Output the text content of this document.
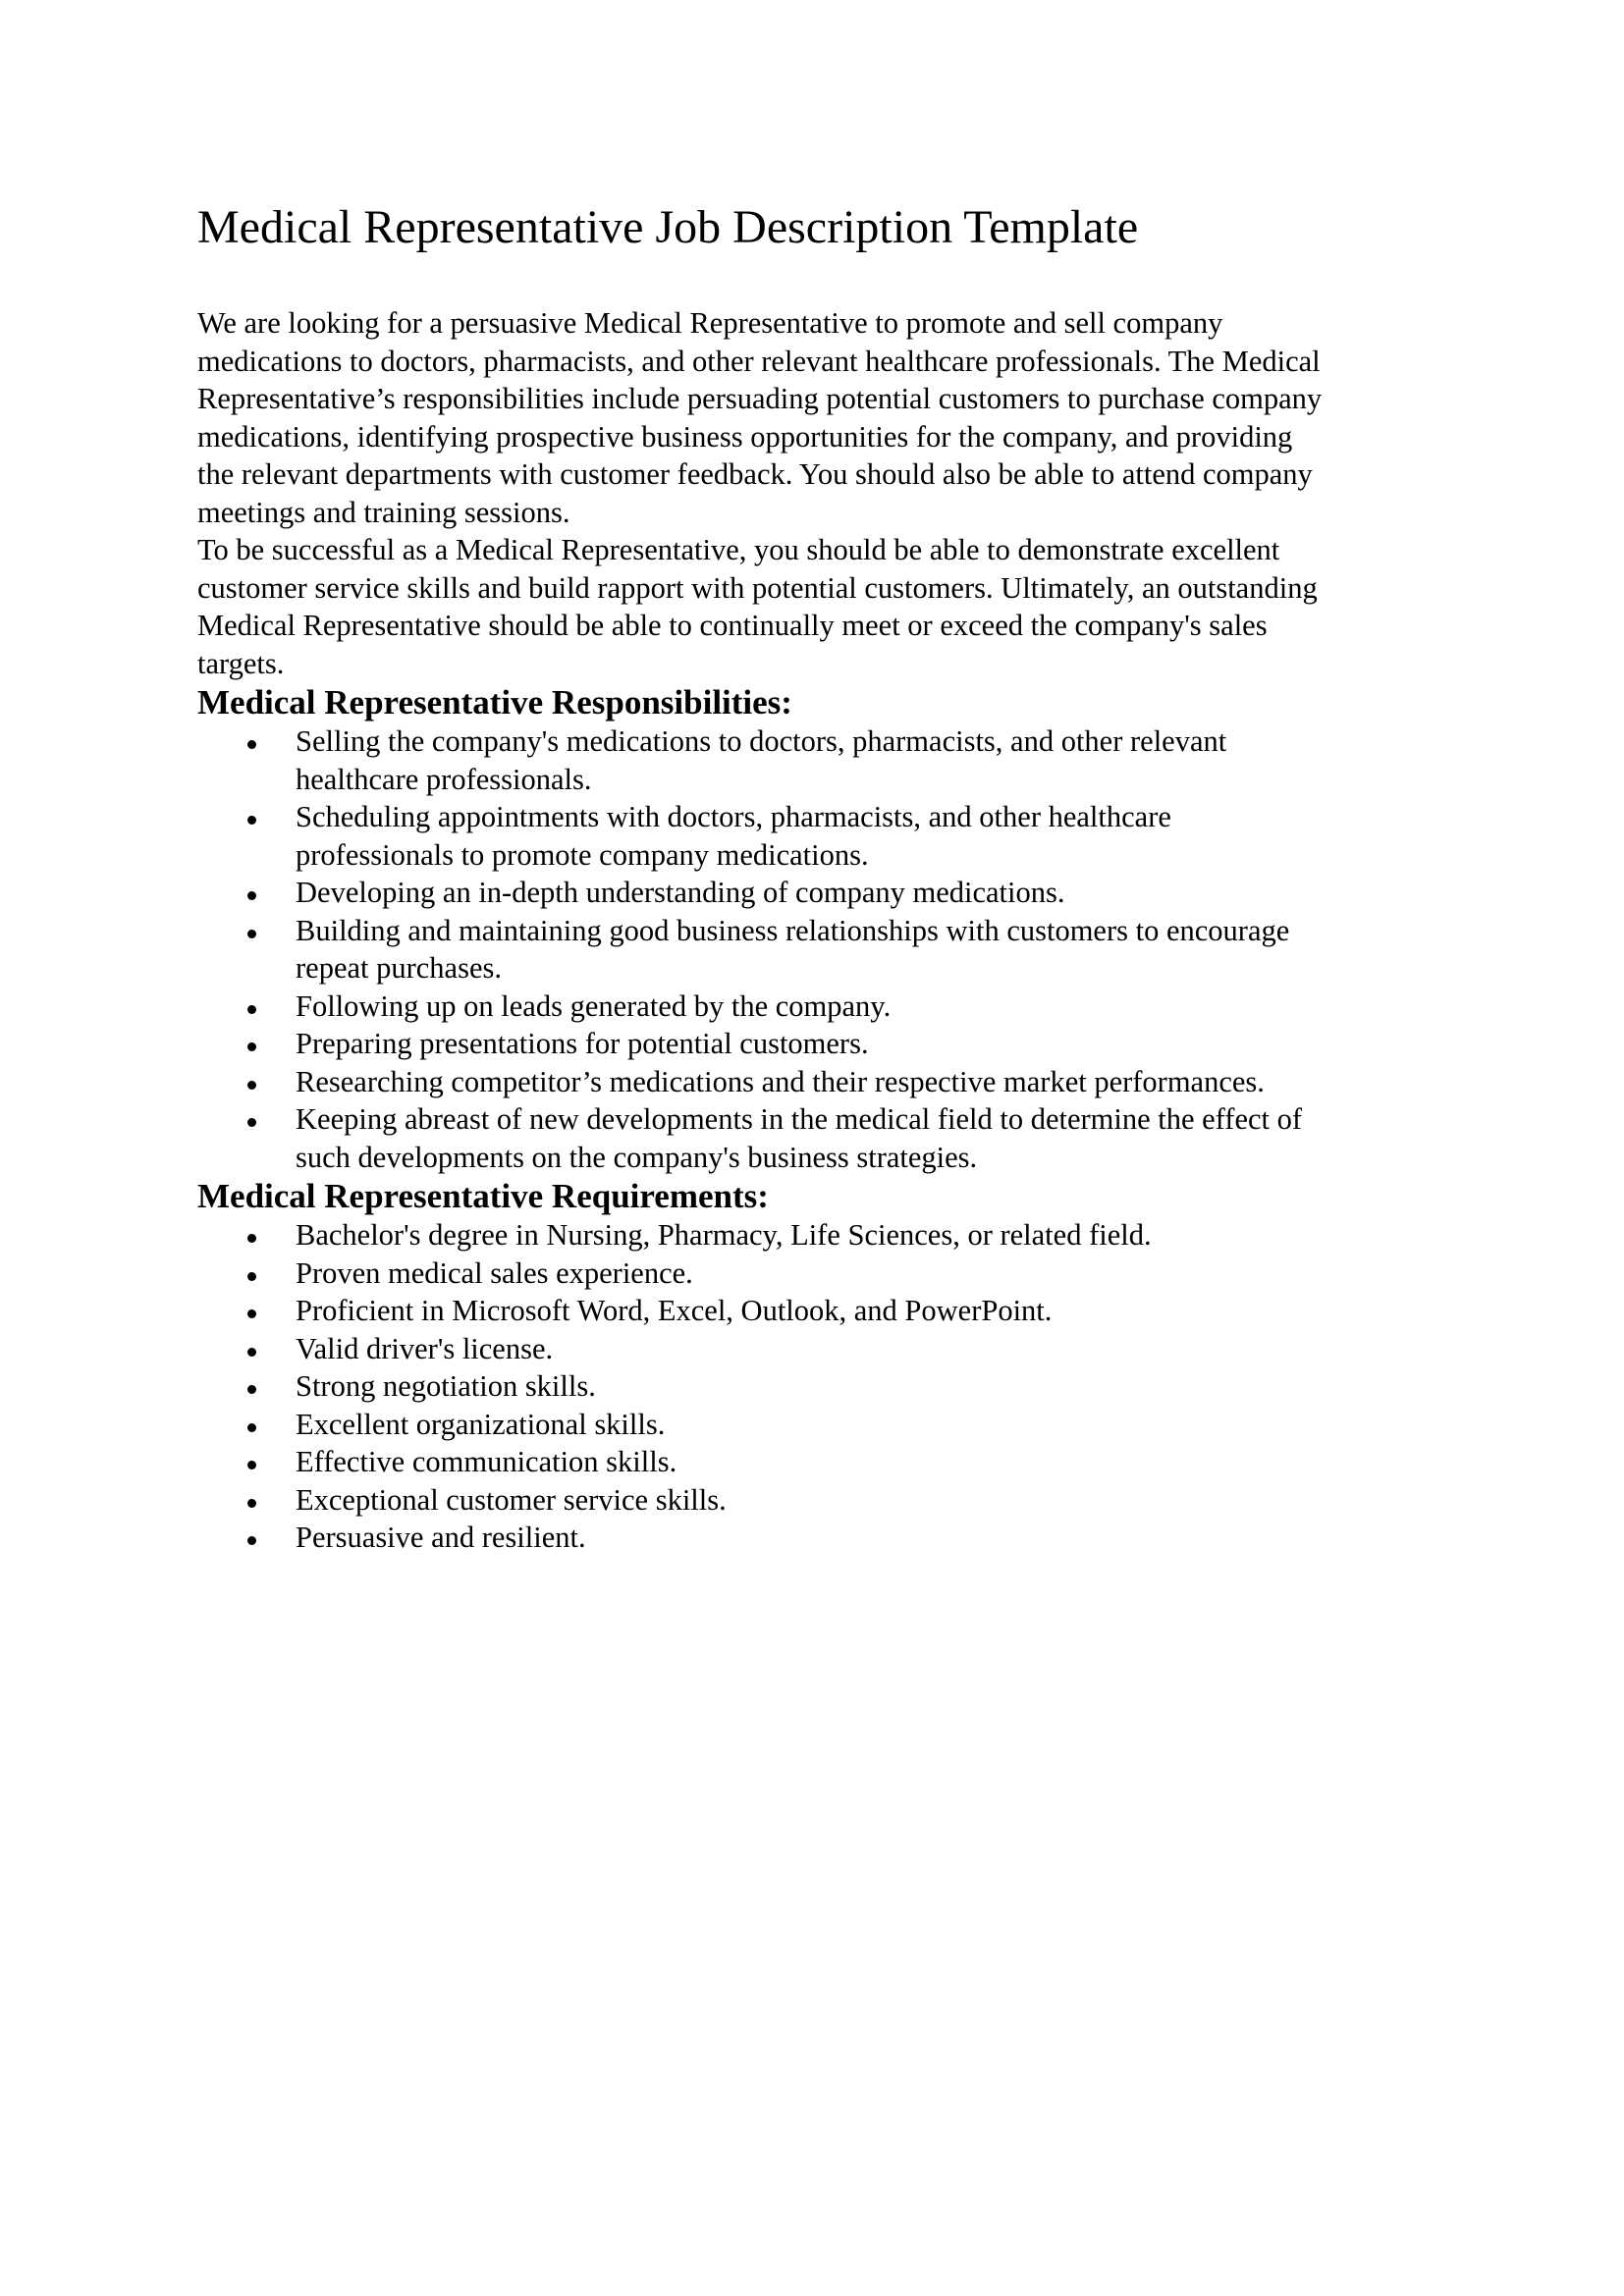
Medical Representative Job Description Template

We are looking for a persuasive Medical Representative to promote and sell company

medications to doctors, pharmacists, and other relevant healthcare professionals. The Medical

Representative’s responsibilities include persuading potential customers to purchase company

medications, identifying prospective business opportunities for the company, and providing

the relevant departments with customer feedback. You should also be able to attend company

meetings and training sessions.

To be successful as a Medical Representative, you should be able to demonstrate excellent

customer service skills and build rapport with potential customers. Ultimately, an outstanding

Medical Representative should be able to continually meet or exceed the company's sales

targets.

Medical Representative Responsibilities:
Selling the company's medications to doctors, pharmacists, and other relevant
healthcare professionals.
Scheduling appointments with doctors, pharmacists, and other healthcare
professionals to promote company medications.
Developing an in-depth understanding of company medications.
Building and maintaining good business relationships with customers to encourage
repeat purchases.
Following up on leads generated by the company.
Preparing presentations for potential customers.
Researching competitor’s medications and their respective market performances.
Keeping abreast of new developments in the medical field to determine the effect of
such developments on the company's business strategies.
Medical Representative Requirements:
Bachelor's degree in Nursing, Pharmacy, Life Sciences, or related field.
Proven medical sales experience.
Proficient in Microsoft Word, Excel, Outlook, and PowerPoint.
Valid driver's license.
Strong negotiation skills.
Excellent organizational skills.
Effective communication skills.
Exceptional customer service skills.
Persuasive and resilient.
